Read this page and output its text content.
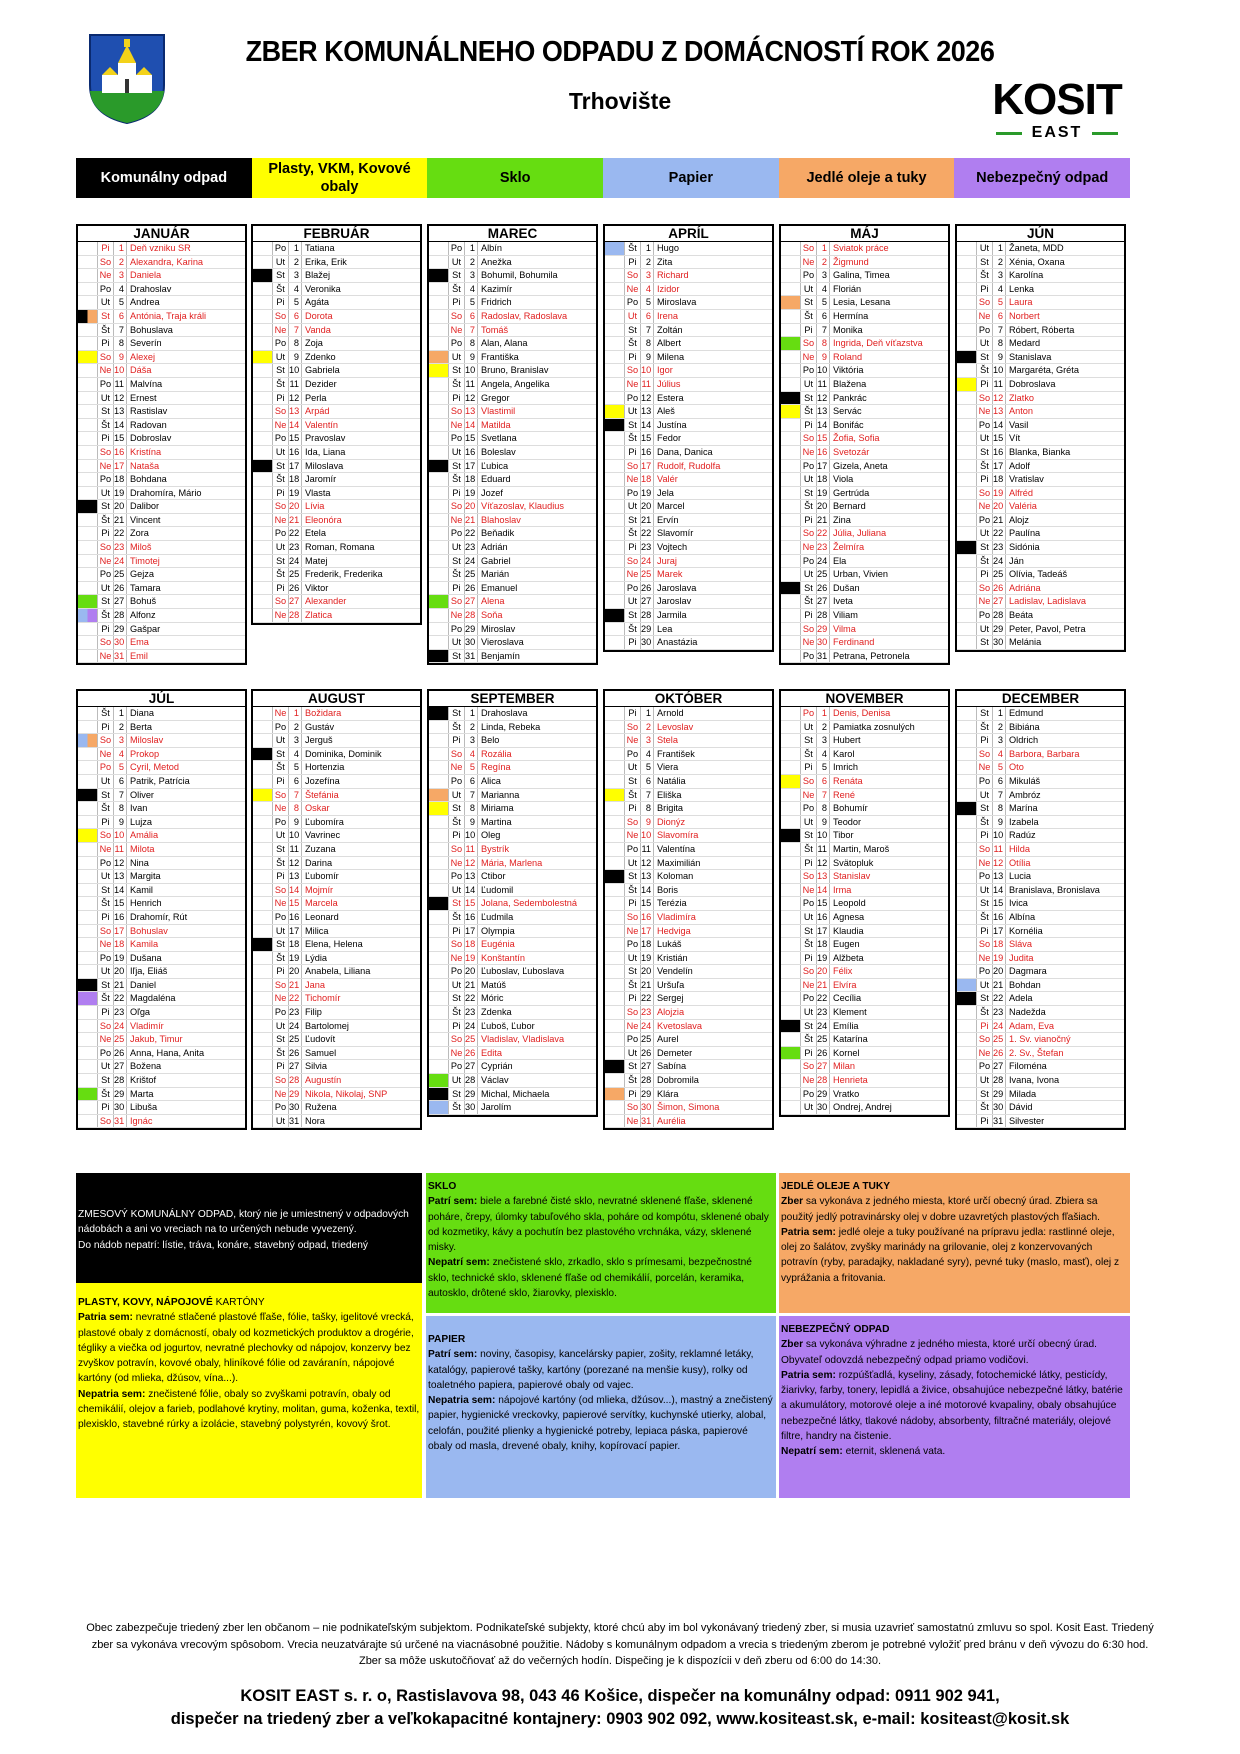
ZBER KOMUNÁLNEHO ODPADU Z DOMÁCNOSTÍ ROK 2026
Trhovište	KOSIT
EAST
Komunálny odpad
Plasty, VKM, Kovové obaly
Sklo	Papier	Jedlé oleje a tuky	Nebezpečný odpad
JANUÁR
Pi	1 Deň vzniku SR
So 2 Alexandra, Karina
Ne 3 Daniela
Po 4 Drahoslav
Ut 5 Andrea
St 6 Antónia, Traja králi
Št 7 Bohuslava
Pi	8 Severín
So 9 Alexej
Ne 10 Dáša
Po 11 Malvína
Ut 12 Ernest
St 13 Rastislav
Št 14 Radovan
Pi 15 Dobroslav
So 16 Kristína
Ne 17 Nataša
Po 18 Bohdana
Ut 19 Drahomíra, Mário
St 20 Dalibor
Št 21 Vincent
Pi 22 Zora
So 23 Miloš
Ne 24 Timotej
Po 25 Gejza
Ut 26 Tamara
St 27 Bohuš
Št 28 Alfonz
Pi 29 Gašpar
So 30 Ema
Ne 31 Emil
FEBRUÁR
Po 1 Tatiana
Ut 2 Erika, Erik
St 3 Blažej
Št 4 Veronika
Pi	5 Agáta
So 6 Dorota
Ne 7 Vanda
Po 8 Zoja
Ut 9 Zdenko
St 10 Gabriela
Št 11 Dezider
Pi 12 Perla
So 13 Arpád
Ne 14 Valentín
Po 15 Pravoslav
Ut 16 Ida, Liana
St 17 Miloslava
Št 18 Jaromír
Pi 19 Vlasta
So 20 Lívia
Ne 21 Eleonóra
Po 22 Etela
Ut 23 Roman, Romana
St 24 Matej
Št 25 Frederik, Frederika
Pi 26 Viktor
So 27 Alexander
Ne 28 Zlatica
MAREC
Po 1 Albín
Ut 2 Anežka
St 3 Bohumil, Bohumila
Št 4 Kazimír
Pi	5 Fridrich
So 6 Radoslav, Radoslava
Ne 7 Tomáš
Po 8 Alan, Alana
Ut 9 Františka
St 10 Bruno, Branislav
Št 11 Angela, Angelika
Pi 12 Gregor
So 13 Vlastimil
Ne 14 Matilda
Po 15 Svetlana
Ut 16 Boleslav
St 17 Ľubica
Št 18 Eduard
Pi 19 Jozef
So 20 Víťazoslav, Klaudius
Ne 21 Blahoslav
Po 22 Beňadik
Ut 23 Adrián
St 24 Gabriel
Št 25 Marián
Pi 26 Emanuel
So 27 Alena
Ne 28 Soňa
Po 29 Miroslav
Ut 30 Vieroslava
St 31 Benjamín
APRÍL
Št 1 Hugo
Pi	2 Zita
So 3 Richard
Ne 4 Izidor
Po 5 Miroslava
Ut 6 Irena
St 7 Zoltán
Št 8 Albert
Pi	9 Milena
So 10 Igor
Ne 11 Július
Po 12 Estera
Ut 13 Aleš
St 14 Justína
Št 15 Fedor
Pi 16 Dana, Danica
So 17 Rudolf, Rudolfa
Ne 18 Valér
Po 19 Jela
Ut 20 Marcel
St 21 Ervín
Št 22 Slavomír
Pi 23 Vojtech
So 24 Juraj
Ne 25 Marek
Po 26 Jaroslava
Ut 27 Jaroslav
St 28 Jarmila
Št 29 Lea
Pi 30 Anastázia
MÁJ
So 1 Sviatok práce
Ne 2 Žigmund
Po 3 Galina, Timea
Ut 4 Florián
St 5 Lesia, Lesana
Št 6 Hermína
Pi	7 Monika
So 8 Ingrida, Deň víťazstva
Ne 9 Roland
Po 10 Viktória
Ut 11 Blažena
St 12 Pankrác
Št 13 Servác
Pi 14 Bonifác
So 15 Žofia, Sofia
Ne 16 Svetozár
Po 17 Gizela, Aneta
Ut 18 Viola
St 19 Gertrúda
Št 20 Bernard
Pi 21 Zina
So 22 Júlia, Juliana
Ne 23 Želmíra
Po 24 Ela
Ut 25 Urban, Vivien
St 26 Dušan
Št 27 Iveta
Pi 28 Viliam
So 29 Vilma
Ne 30 Ferdinand
Po 31 Petrana, Petronela
JÚN
Ut 1 Žaneta, MDD
St 2 Xénia, Oxana
Št 3 Karolína
Pi	4 Lenka
So 5 Laura
Ne 6 Norbert
Po 7 Róbert, Róberta
Ut 8 Medard
St 9 Stanislava
Št 10 Margaréta, Gréta
Pi 11 Dobroslava
So 12 Zlatko
Ne 13 Anton
Po 14 Vasil
Ut 15 Vít
St 16 Blanka, Bianka
Št 17 Adolf
Pi 18 Vratislav
So 19 Alfréd
Ne 20 Valéria
Po 21 Alojz
Ut 22 Paulína
St 23 Sidónia
Št 24 Ján
Pi 25 Olívia, Tadeáš
So 26 Adriána
Ne 27 Ladislav, Ladislava
Po 28 Beáta
Ut 29 Peter, Pavol, Petra
St 30 Melánia
JÚL
Št 1 Diana
Pi	2 Berta
So 3 Miloslav
Ne 4 Prokop
Po 5 Cyril, Metod
Ut 6 Patrik, Patrícia
St 7 Oliver
Št 8 Ivan
Pi	9 Lujza
So 10 Amália
Ne 11 Milota
Po 12 Nina
Ut 13 Margita
St 14 Kamil
Št 15 Henrich
Pi 16 Drahomír, Rút
So 17 Bohuslav
Ne 18 Kamila
Po 19 Dušana
Ut 20 Iľja, Eliáš
St 21 Daniel
Št 22 Magdaléna
Pi 23 Oľga
So 24 Vladimír
Ne 25 Jakub, Timur
Po 26 Anna, Hana, Anita
Ut 27 Božena
St 28 Krištof
Št 29 Marta
Pi 30 Libuša
So 31 Ignác
AUGUST
Ne 1 Božidara
Po 2 Gustáv
Ut 3 Jerguš
St 4 Dominika, Dominik
Št 5 Hortenzia
Pi	6 Jozefína
So 7 Štefánia
Ne 8 Oskar
Po 9 Ľubomíra
Ut 10 Vavrinec
St 11 Zuzana
Št 12 Darina
Pi 13 Ľubomír
So 14 Mojmír
Ne 15 Marcela
Po 16 Leonard
Ut 17 Milica
St 18 Elena, Helena
Št 19 Lýdia
Pi 20 Anabela, Liliana
So 21 Jana
Ne 22 Tichomír
Po 23 Filip
Ut 24 Bartolomej
St 25 Ľudovít
Št 26 Samuel
Pi 27 Silvia
So 28 Augustín
Ne 29 Nikola, Nikolaj, SNP
Po 30 Ružena
Ut 31 Nora
SEPTEMBER
St 1 Drahoslava
Št 2 Linda, Rebeka
Pi	3 Belo
So 4 Rozália
Ne 5 Regína
Po 6 Alica
Ut 7 Marianna
St 8 Miriama
Št 9 Martina
Pi 10 Oleg
So 11 Bystrík
Ne 12 Mária, Marlena
Po 13 Ctibor
Ut 14 Ľudomil
St 15 Jolana, Sedembolestná
Št 16 Ľudmila
Pi 17 Olympia
So 18 Eugénia
Ne 19 Konštantín
Po 20 Ľuboslav, Ľuboslava
Ut 21 Matúš
St 22 Móric
Št 23 Zdenka
Pi 24 Ľuboš, Ľubor
So 25 Vladislav, Vladislava
Ne 26 Edita
Po 27 Cyprián
Ut 28 Václav
St 29 Michal, Michaela
Št 30 Jarolím
OKTÓBER
Pi	1 Arnold
So 2 Levoslav
Ne 3 Stela
Po 4 František
Ut 5 Viera
St 6 Natália
Št 7 Eliška
Pi	8 Brigita
So 9 Dionýz
Ne 10 Slavomíra
Po 11 Valentína
Ut 12 Maximilián
St 13 Koloman
Št 14 Boris
Pi 15 Terézia
So 16 Vladimíra
Ne 17 Hedviga
Po 18 Lukáš
Ut 19 Kristián
St 20 Vendelín
Št 21 Uršuľa
Pi 22 Sergej
So 23 Alojzia
Ne 24 Kvetoslava
Po 25 Aurel
Ut 26 Demeter
St 27 Sabína
Št 28 Dobromila
Pi 29 Klára
So 30 Šimon, Simona
Ne 31 Aurélia
NOVEMBER
Po 1 Denis, Denisa
Ut 2 Pamiatka zosnulých
St 3 Hubert
Št 4 Karol
Pi	5 Imrich
So 6 Renáta
Ne 7 René
Po 8 Bohumír
Ut 9 Teodor
St 10 Tibor
Št 11 Martin, Maroš
Pi 12 Svätopluk
So 13 Stanislav
Ne 14 Irma
Po 15 Leopold
Ut 16 Agnesa
St 17 Klaudia
Št 18 Eugen
Pi 19 Alžbeta
So 20 Félix
Ne 21 Elvíra
Po 22 Cecília
Ut 23 Klement
St 24 Emília
Št 25 Katarína
Pi 26 Kornel
So 27 Milan
Ne 28 Henrieta
Po 29 Vratko
Ut 30 Ondrej, Andrej
DECEMBER
St 1 Edmund
Št 2 Bibiána
Pi	3 Oldrich
So 4 Barbora, Barbara
Ne 5 Oto
Po 6 Mikuláš
Ut 7 Ambróz
St 8 Marína
Št 9 Izabela
Pi 10 Radúz
So 11 Hilda
Ne 12 Otília
Po 13 Lucia
Ut 14 Branislava, Bronislava
St 15 Ivica
Št 16 Albína
Pi 17 Kornélia
So 18 Sláva
Ne 19 Judita
Po 20 Dagmara
Ut 21 Bohdan
St 22 Adela
Št 23 Nadežda
Pi 24 Adam, Eva
So 25 1. Sv. vianočný
Ne 26 2. Sv., Štefan
Po 27 Filoména
Ut 28 Ivana, Ivona
St 29 Milada
Št 30 Dávid
Pi 31 Silvester
ZMESOVÝ KOMUNÁLNY ODPAD, ktorý nie je umiestnený v odpadových nádobách a ani vo vreciach na to určených nebude vyvezený.
Do nádob nepatrí: lístie, tráva, konáre, stavebný odpad, triedený
PLASTY, KOVY, NÁPOJOVÉ KARTÓNY
Patria sem: nevratné stlačené plastové fľaše, fólie, tašky, igelitové vrecká, plastové obaly z domácností, obaly od kozmetických produktov a drogérie, tégliky a viečka od jogurtov, nevratné plechovky od nápojov, konzervy bez zvyškov potravín, kovové obaly, hliníkové fólie od zaváranín, nápojové kartóny (od mlieka, džúsov, vína...).
Nepatria sem: znečistené fólie, obaly so zvyškami potravín, obaly od chemikálií, olejov a farieb, podlahové krytiny, molitan, guma, koženka, textil, plexisklo, stavebné rúrky a izolácie, stavebný polystyrén, kovový šrot.
SKLO
Patrí sem: biele a farebné čisté sklo, nevratné sklenené fľaše, sklenené poháre, črepy, úlomky tabuľového skla, poháre od kompótu, sklenené obaly od kozmetiky, kávy a pochutín bez plastového vrchnáka, vázy, sklenené misky.
Nepatrí sem: znečistené sklo, zrkadlo, sklo s prímesami, bezpečnostné sklo, technické sklo, sklenené fľaše od chemikálií, porcelán, keramika, autosklo, drôtené sklo, žiarovky, plexisklo.
PAPIER
Patrí sem: noviny, časopisy, kancelársky papier, zošity, reklamné letáky, katalógy, papierové tašky, kartóny (porezané na menšie kusy), rolky od toaletného papiera, papierové obaly od vajec.
Nepatria sem: nápojové kartóny (od mlieka, džúsov...), mastný a znečistený papier, hygienické vreckovky, papierové servítky, kuchynské utierky, alobal, celofán, použité plienky a hygienické potreby, lepiaca páska, papierové obaly od masla, drevené obaly, knihy, kopírovací papier.
JEDLÉ OLEJE A TUKY
Zber sa vykonáva z jedného miesta, ktoré určí obecný úrad. Zbiera sa použitý jedlý potravinársky olej v dobre uzavretých plastových fľašiach.
Patria sem: jedlé oleje a tuky používané na prípravu jedla: rastlinné oleje, olej zo šalátov, zvyšky marinády na grilovanie, olej z konzervovaných potravín (ryby, paradajky, nakladané syry), pevné tuky (maslo, masť), olej z vyprážania a fritovania.
NEBEZPEČNÝ ODPAD
Zber sa vykonáva výhradne z jedného miesta, ktoré určí obecný úrad. Obyvateľ odovzdá nebezpečný odpad priamo vodičovi.
Patria sem: rozpúšťadlá, kyseliny, zásady, fotochemické látky, pesticídy, žiarivky, farby, tonery, lepidlá a živice, obsahujúce nebezpečné látky, batérie a akumulátory, motorové oleje a iné motorové kvapaliny, obaly obsahujúce nebezpečné látky, tlakové nádoby, absorbenty, filtračné materiály, olejové filtre, handry na čistenie.
Nepatrí sem: eternit, sklenená vata.
Obec zabezpečuje triedený zber len občanom – nie podnikateľským subjektom. Podnikateľské subjekty, ktoré chcú aby im bol vykonávaný triedený zber, si musia uzavrieť samostatnú zmluvu so spol. Kosit East. Triedený zber sa vykonáva vrecovým spôsobom. Vrecia neuzatvárajte sú určené na viacnásobné použitie. Nádoby s komunálnym odpadom a vrecia s triedeným zberom je potrebné vyložiť pred bránu v deň vývozu do 6:30 hod. Zber sa môže uskutočňovať až do večerných hodín. Dispečing je k dispozícii v deň zberu od 6:00 do 14:30.
KOSIT EAST s. r. o, Rastislavova 98, 043 46 Košice, dispečer na komunálny odpad: 0911 902 941,
dispečer na triedený zber a veľkokapacitné kontajnery: 0903 902 092, www.kositeast.sk, e-mail: kositeast@kosit.sk
